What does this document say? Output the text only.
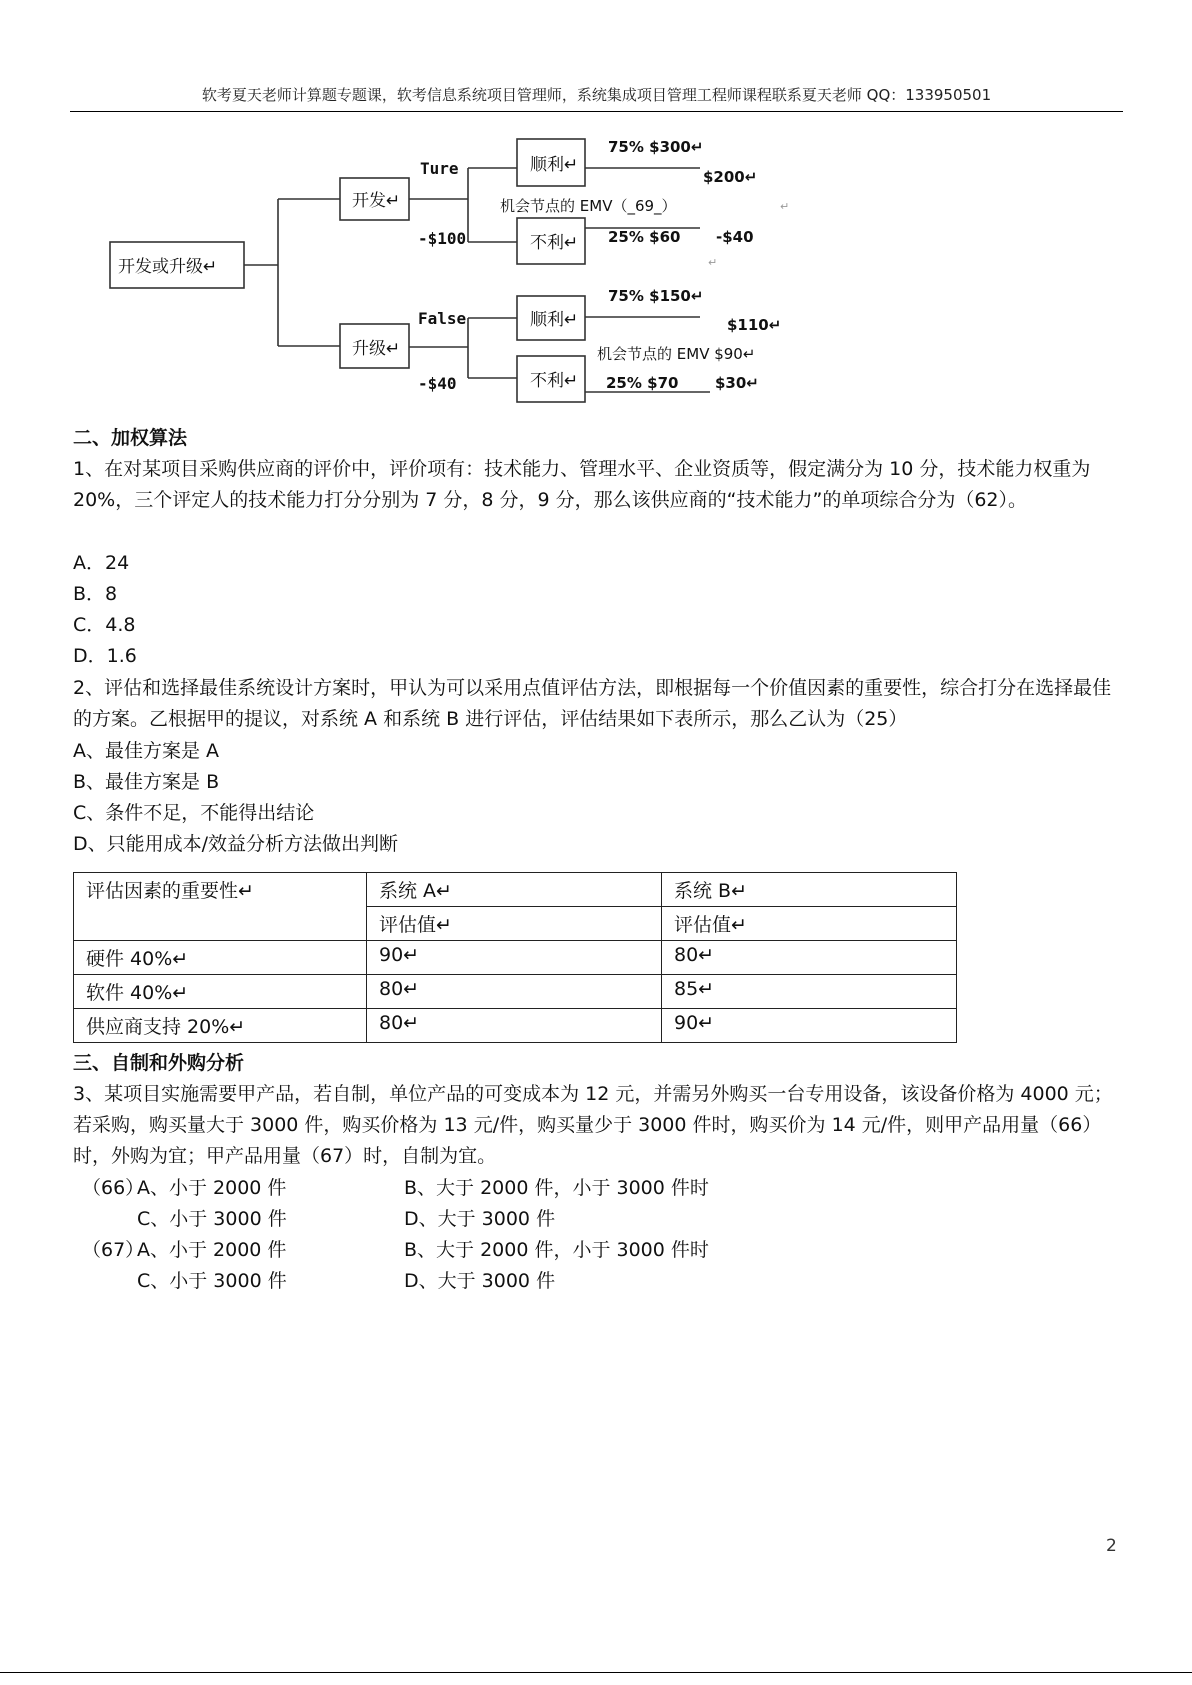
软考夏天老师计算题专题课，软考信息系统项目管理师，系统集成项目管理工程师课程联系夏天老师 QQ：133950501
开发或升级↵
开发↵
升级↵
顺利↵
不利↵
顺利↵
不利↵
Ture
-$100
False
-$40
75% $300↵
$200↵
机会节点的 EMV（_69_）
25% $60 -$40
75% $150↵
$110↵
机会节点的 EMV $90↵
25% $70 $30↵
↵
↵
二、加权算法
1、在对某项目采购供应商的评价中，评价项有：技术能力、管理水平、企业资质等，假定满分为 10 分，技术能力权重为 20%，三个评定人的技术能力打分分别为 7 分，8 分，9 分，那么该供应商的“技术能力”的单项综合分为（62）。
A．24
B．8
C．4.8
D．1.6
2、评估和选择最佳系统设计方案时，甲认为可以采用点值评估方法，即根据每一个价值因素的重要性，综合打分在选择最佳的方案。乙根据甲的提议，对系统 A 和系统 B 进行评估，评估结果如下表所示，那么乙认为（25）
A、最佳方案是 A
B、最佳方案是 B
C、条件不足，不能得出结论
D、只能用成本/效益分析方法做出判断
评估因素的重要性↵	系统 A↵	系统 B↵
	评估值↵	评估值↵
硬件 40%↵	90↵	80↵
软件 40%↵	80↵	85↵
供应商支持 20%↵	80↵	90↵
三、自制和外购分析
3、某项目实施需要甲产品，若自制，单位产品的可变成本为 12 元，并需另外购买一台专用设备，该设备价格为 4000 元；若采购，购买量大于 3000 件，购买价格为 13 元/件，购买量少于 3000 件时，购买价为 14 元/件，则甲产品用量（66）时，外购为宜；甲产品用量（67）时，自制为宜。
（66）
A、小于 2000 件	B、大于 2000 件，小于 3000 件时
C、小于 3000 件	D、大于 3000 件
（67）
A、小于 2000 件	B、大于 2000 件，小于 3000 件时
C、小于 3000 件	D、大于 3000 件
2
